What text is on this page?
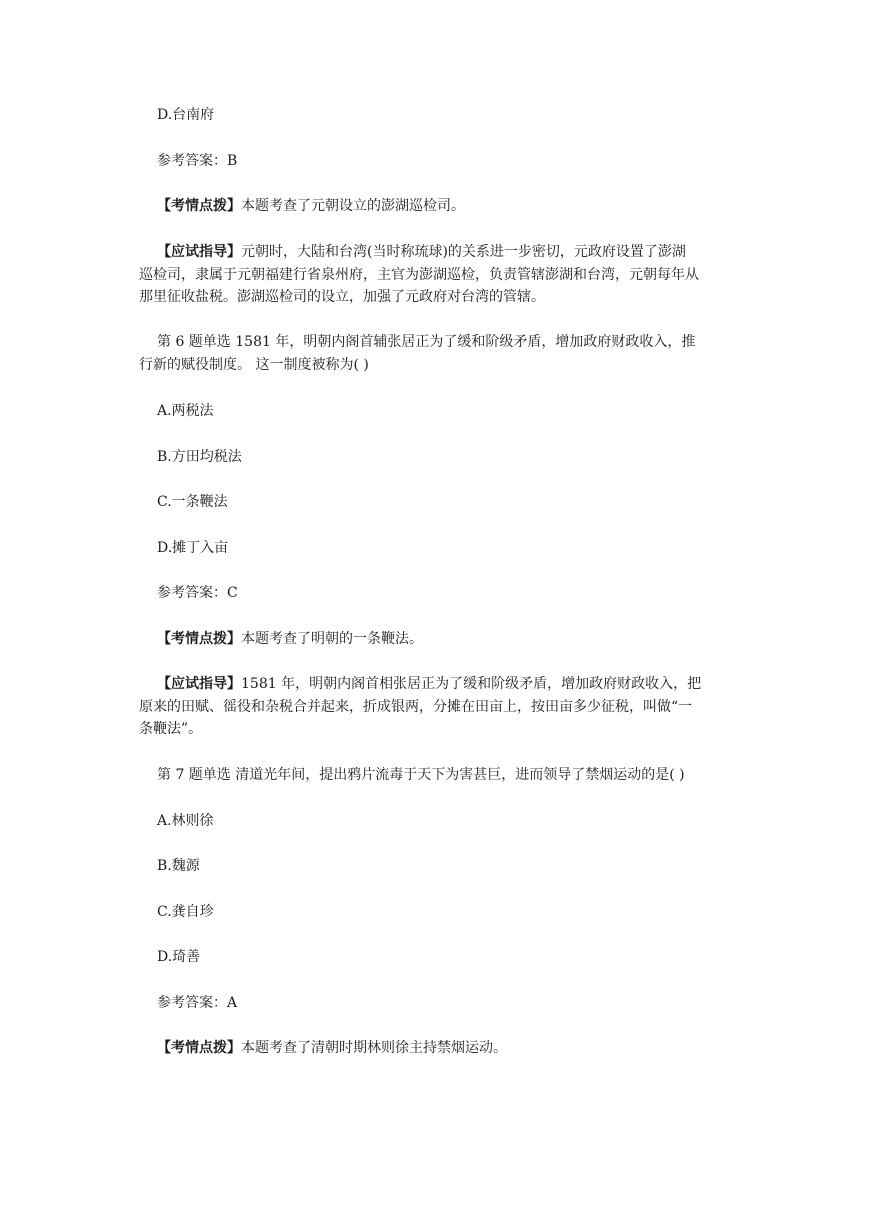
D.台南府

参考答案：B

【考情点拨】本题考查了元朝设立的澎湖巡检司。

【应试指导】元朝时，大陆和台湾(当时称琉球)的关系进一步密切，元政府设置了澎湖
巡检司，隶属于元朝福建行省泉州府，主官为澎湖巡检，负责管辖澎湖和台湾，元朝每年从
那里征收盐税。澎湖巡检司的设立，加强了元政府对台湾的管辖。
第 6 题单选 1581 年，明朝内阁首辅张居正为了缓和阶级矛盾，增加政府财政收入，推
行新的赋役制度。 这一制度被称为( )

A.两税法

B.方田均税法

C.一条鞭法

D.摊丁入亩

参考答案：C

【考情点拨】本题考查了明朝的一条鞭法。

【应试指导】1581 年，明朝内阁首相张居正为了缓和阶级矛盾，增加政府财政收入，把
原来的田赋、徭役和杂税合并起来，折成银两，分摊在田亩上，按田亩多少征税，叫做“一
条鞭法”。

第 7 题单选 清道光年间，提出鸦片流毒于天下为害甚巨，进而领导了禁烟运动的是( )

A.林则徐

B.魏源

C.龚自珍

D.琦善

参考答案：A

【考情点拨】本题考查了清朝时期林则徐主持禁烟运动。
